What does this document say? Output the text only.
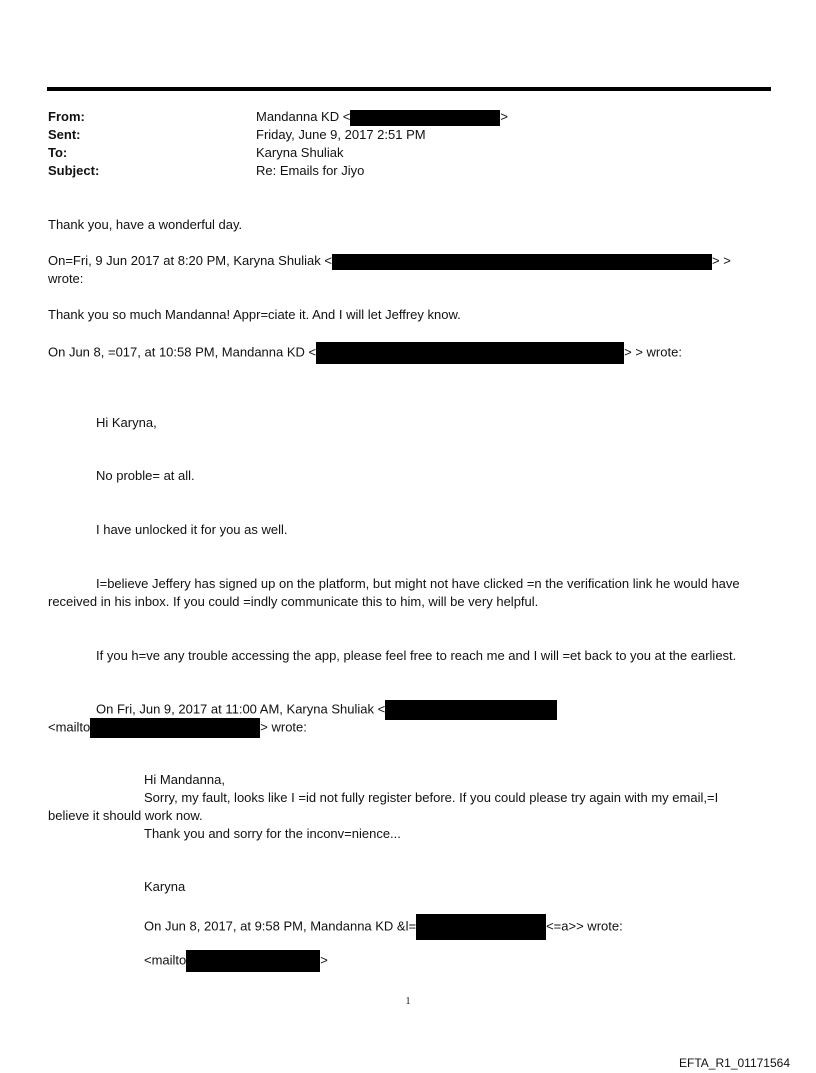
From:	Mandanna KD <	>
Sent:	Friday, June 9, 2017 2:51 PM
To:	Karyna Shuliak
Subject:	Re: Emails for Jiyo
Thank you, have a wonderful day.
On=Fri, 9 Jun 2017 at 8:20 PM, Karyna Shuliak <	> >
wrote:
Thank you so much Mandanna! Appr=ciate it. And I will let Jeffrey know.
On Jun 8, =017, at 10:58 PM, Mandanna KD <	> > wrote:
Hi Karyna,
No proble= at all.
I have unlocked it for you as well.
I=believe Jeffery has signed up on the platform, but might not have clicked =n the verification link he would have
received in his inbox. If you could =indly communicate this to him, will be very helpful.
If you h=ve any trouble accessing the app, please feel free to reach me and I will =et back to you at the earliest.
On Fri, Jun 9, 2017 at 11:00 AM, Karyna Shuliak <
<mailto	> wrote:
Hi Mandanna,
Sorry, my fault, looks like I =id not fully register before. If you could please try again with my email,=I
believe it should work now.
Thank you and sorry for the inconv=nience...
Karyna
On Jun 8, 2017, at 9:58 PM, Mandanna KD &l=	<=a>> wrote:
<mailto	>
1
EFTA_R1_01171564
